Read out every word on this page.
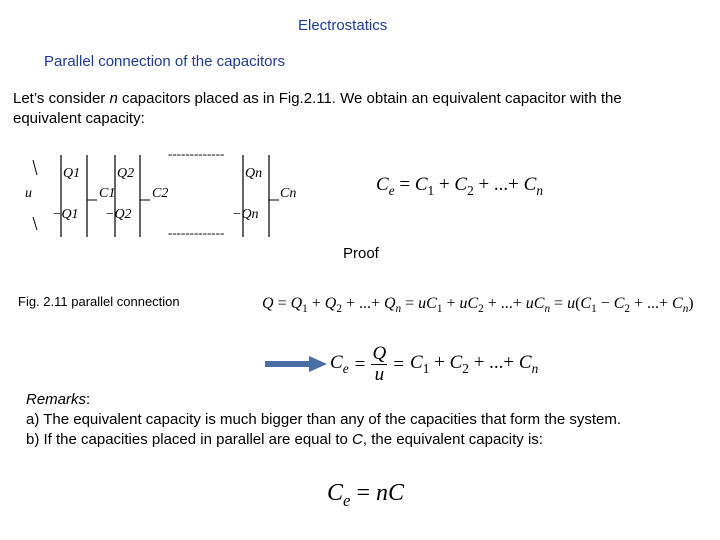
Electrostatics
Parallel connection of the capacitors
Let’s consider n capacitors placed as in Fig.2.11. We obtain an equivalent capacitor with the
equivalent capacity:
-------------
-------------
Q1	Q2	Qn
C1	C2	Cn
u
−Q1 −Q2	−Qn
$C_e = C_1 + C_2$ + ...+ $C_n$
Proof
Fig. 2.11 parallel connection	$Q = Q_1 + Q_2$ + ...+ $Q_n = uC_1 + uC_2$ + ...+ $uC_n = u(C_1 - C_2$ + ...+ $C_n$)
$C_e = \frac{Q}{u} = C_1 + C_2$ + ...+ $C_n$
Remarks:
a) The equivalent capacity is much bigger than any of the capacities that form the system.
b) If the capacities placed in parallel are equal to C, the equivalent capacity is:
$C_e$ = nC
